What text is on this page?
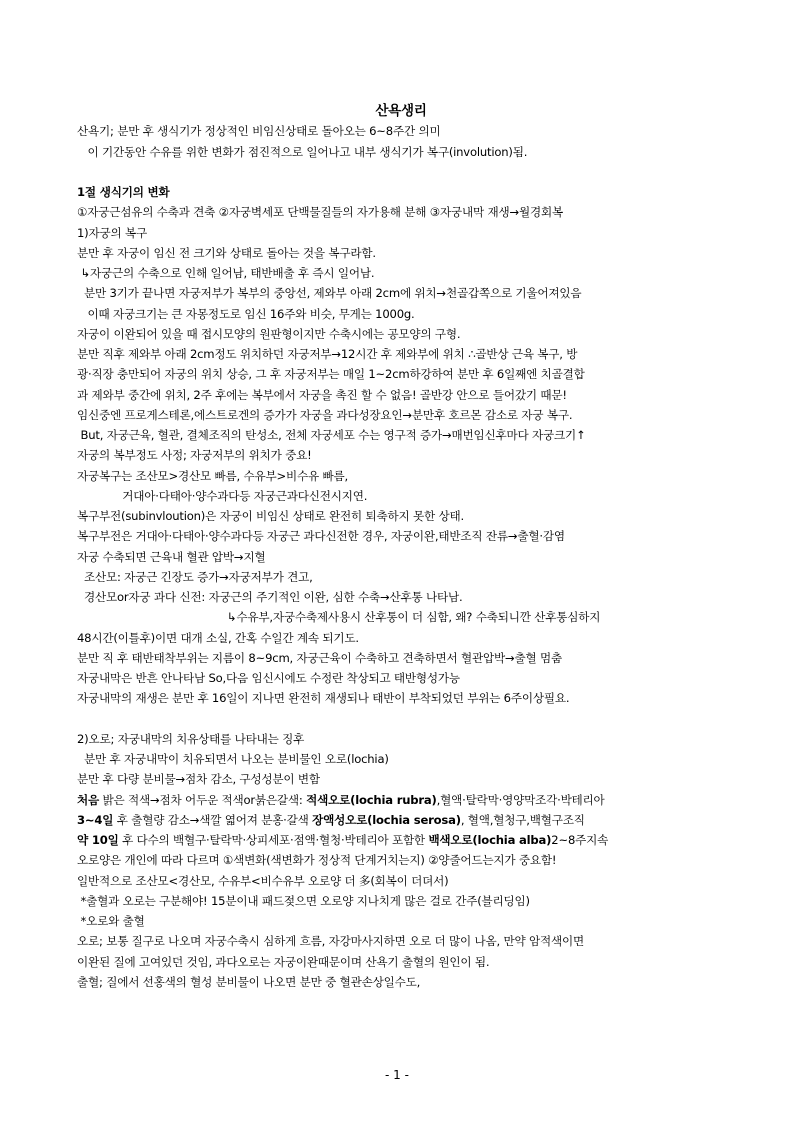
산욕생리
산욕기; 분만 후 생식기가 정상적인 비임신상태로 돌아오는 6~8주간 의미
이 기간동안 수유를 위한 변화가 점진적으로 일어나고 내부 생식기가 복구(involution)됨.
1절 생식기의 변화
①자궁근섬유의 수축과 견축 ②자궁벽세포 단백물질들의 자가용해 분해 ③자궁내막 재생→월경회복
1)자궁의 복구
분만 후 자궁이 임신 전 크기와 상태로 돌아는 것을 복구라함.
↳자궁근의 수축으로 인해 일어남, 태반배출 후 즉시 일어남.
분만 3기가 끝나면 자궁저부가 복부의 중앙선, 제와부 아래 2cm에 위치→천골갑쪽으로 기울어져있음
이때 자궁크기는 큰 자몽정도로 임신 16주와 비슷, 무게는 1000g.
자궁이 이완되어 있을 때 접시모양의 원판형이지만 수축시에는 공모양의 구형.
분만 직후 제와부 아래 2cm정도 위치하던 자궁저부→12시간 후 제와부에 위치 ∴골반상 근육 복구, 방
광·직장 충만되어 자궁의 위치 상승, 그 후 자궁저부는 매일 1~2cm하강하여 분만 후 6일째엔 치골결합
과 제와부 중간에 위치, 2주 후에는 복부에서 자궁을 촉진 할 수 없음! 골반강 안으로 들어갔기 때문!
임신중엔 프로게스테론,에스트로겐의 증가가 자궁을 과다성장요인→분만후 호르몬 감소로 자궁 복구.
But, 자궁근육, 혈관, 결체조직의 탄성소, 전체 자궁세포 수는 영구적 증가→매번임신후마다 자궁크기↑
자궁의 복부정도 사정; 자궁저부의 위치가 중요!
자궁복구는 조산모>경산모 빠름, 수유부>비수유 빠름,
거대아·다태아·양수과다등 자궁근과다신전시지연.
복구부전(subinvloution)은 자궁이 비임신 상태로 완전히 퇴축하지 못한 상태.
복구부전은 거대아·다태아·양수과다등 자궁근 과다신전한 경우, 자궁이완,태반조직 잔류→출혈·감염
자궁 수축되면 근육내 혈관 압박→지혈
조산모: 자궁근 긴장도 증가→자궁저부가 견고,
경산모or자궁 과다 신전: 자궁근의 주기적인 이완, 심한 수축→산후통 나타남.
↳수유부,자궁수축제사용시 산후통이 더 심함, 왜? 수축되니깐 산후통심하지
48시간(이틀후)이면 대개 소실, 간혹 수일간 계속 되기도.
분만 직 후 태반태착부위는 지름이 8~9cm, 자궁근육이 수축하고 견축하면서 혈관압박→출혈 멈춤
자궁내막은 반흔 안나타남 So,다음 임신시에도 수정란 착상되고 태반형성가능
자궁내막의 재생은 분만 후 16일이 지나면 완전히 재생되나 태반이 부착되었던 부위는 6주이상필요.
2)오로; 자궁내막의 치유상태를 나타내는 징후
분만 후 자궁내막이 치유되면서 나오는 분비물인 오로(lochia)
분만 후 다량 분비물→점차 감소, 구성성분이 변함
처음 밝은 적색→점차 어두운 적색or붉은갈색: 적색오로(lochia rubra),혈액·탈락막·영양막조각·박테리아
3~4일 후 출혈량 감소→색깔 엷어져 분홍·갈색 장액성오로(lochia serosa), 혈액,혈청구,백혈구조직
약 10일 후 다수의 백혈구·탈락막·상피세포·점액·혈청·박테리아 포함한 백색오로(lochia alba)2~8주지속
오로양은 개인에 따라 다르며 ①색변화(색변화가 정상적 단계거치는지) ②양줄어드는지가 중요함!
일반적으로 조산모<경산모, 수유부<비수유부 오로양 더 多(회복이 더뎌서)
*출혈과 오로는 구분해야! 15분이내 패드젖으면 오로양 지나치게 많은 걸로 간주(블리딩임)
*오로와 출혈
오로; 보통 질구로 나오며 자궁수축시 심하게 흐름, 자강마사지하면 오로 더 많이 나옴, 만약 암적색이면
이완된 질에 고여있던 것임, 과다오로는 자궁이완때문이며 산욕기 출혈의 원인이 됨.
출혈; 질에서 선홍색의 혈성 분비물이 나오면 분만 중 혈관손상일수도,
- 1 -
